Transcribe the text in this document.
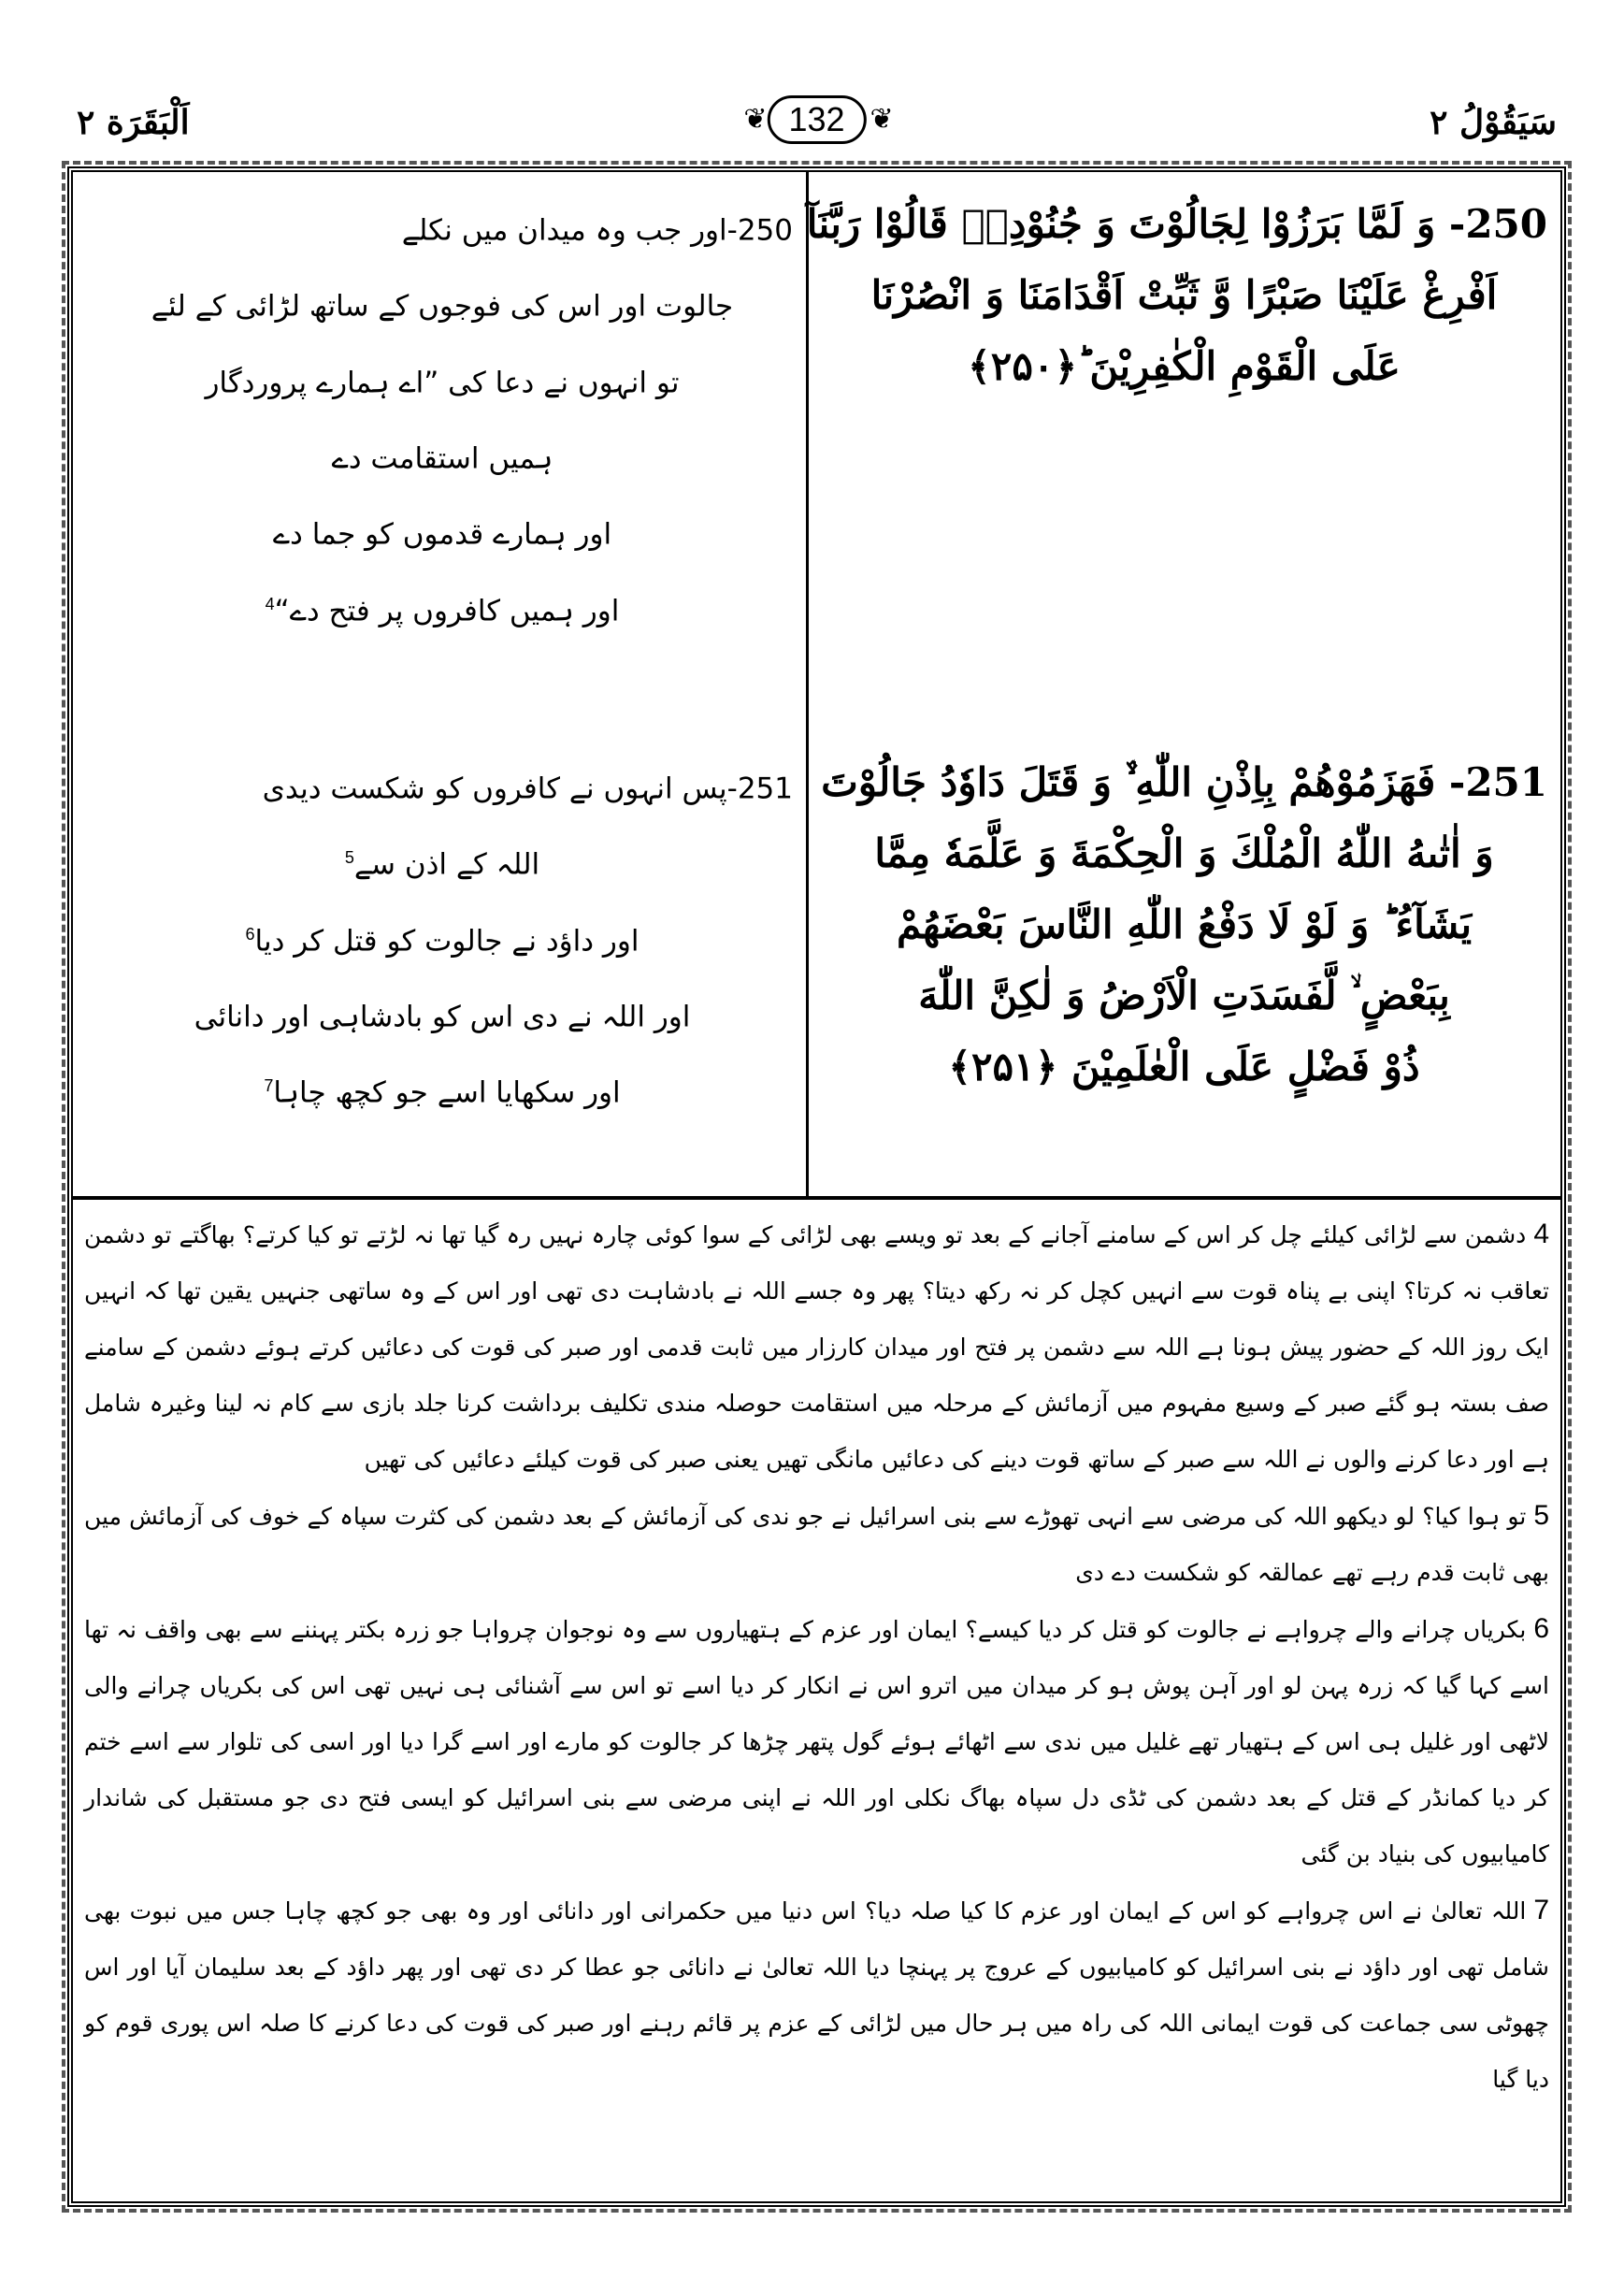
اَلْبَقَرَة ۲	❦ 132 ❦	سَیَقُوْلُ ۲
250- وَ لَمَّا بَرَزُوْا لِجَالُوْتَ وَ جُنُوْدِهٖ قَالُوْا رَبَّنَآ
اَفْرِغْ عَلَیْنَا صَبْرًا وَّ ثَبِّتْ اَقْدَامَنَا وَ انْصُرْنَا
عَلَى الْقَوْمِ الْكٰفِرِیْنَ ؕ﴿۲۵۰﴾
251- فَهَزَمُوْهُمْ بِاِذْنِ اللّٰهِ ۙ۫ وَ قَتَلَ دَاوٗدُ جَالُوْتَ
وَ اٰتٰىهُ اللّٰهُ الْمُلْكَ وَ الْحِكْمَةَ وَ عَلَّمَهٗ مِمَّا
یَشَآءُ ؕ وَ لَوْ لَا دَفْعُ اللّٰهِ النَّاسَ بَعْضَهُمْ
بِبَعْضٍ ۙ لَّفَسَدَتِ الْاَرْضُ وَ لٰكِنَّ اللّٰهَ
ذُوْ فَضْلٍ عَلَى الْعٰلَمِیْنَ ﴿۲۵۱﴾
250-اور جب وہ میدان میں نکلے
جالوت اور اس کی فوجوں کے ساتھ لڑائی کے لئے
تو انہوں نے دعا کی ”اے ہمارے پروردگار
ہمیں استقامت دے
اور ہمارے قدموں کو جما دے
اور ہمیں کافروں پر فتح دے“$^4$
251-پس انہوں نے کافروں کو شکست دیدی
اللہ کے اذن سے$^5$
اور داؤد نے جالوت کو قتل کر دیا$^6$
اور اللہ نے دی اس کو بادشاہی اور دانائی
اور سکھایا اسے جو کچھ چاہا$^7$

4دشمن سے لڑائی کیلئے چل کر اس کے سامنے آجانے کے بعد تو ویسے بھی لڑائی کے سوا کوئی چارہ نہیں رہ گیا تھا نہ لڑتے تو کیا کرتے؟ بھاگتے تو دشمن تعاقب نہ کرتا؟ اپنی بے پناہ قوت سے انہیں کچل کر نہ رکھ دیتا؟ پھر وہ جسے اللہ نے بادشاہت دی تھی اور اس کے وہ ساتھی جنہیں یقین تھا کہ انہیں ایک روز اللہ کے حضور پیش ہونا ہے اللہ سے دشمن پر فتح اور میدان کارزار میں ثابت قدمی اور صبر کی قوت کی دعائیں کرتے ہوئے دشمن کے سامنے صف بستہ ہو گئے صبر کے وسیع مفہوم میں آزمائش کے مرحلہ میں استقامت حوصلہ مندی تکلیف برداشت کرنا جلد بازی سے کام نہ لینا وغیرہ شامل ہے اور دعا کرنے والوں نے اللہ سے صبر کے ساتھ قوت دینے کی دعائیں مانگی تھیں یعنی صبر کی قوت کیلئے دعائیں کی تھیں

5تو ہوا کیا؟ لو دیکھو اللہ کی مرضی سے انہی تھوڑے سے بنی اسرائیل نے جو ندی کی آزمائش کے بعد دشمن کی کثرت سپاہ کے خوف کی آزمائش میں بھی ثابت قدم رہے تھے عمالقہ کو شکست دے دی

6بکریاں چرانے والے چرواہے نے جالوت کو قتل کر دیا کیسے؟ ایمان اور عزم کے ہتھیاروں سے وہ نوجوان چرواہا جو زرہ بکتر پہننے سے بھی واقف نہ تھا اسے کہا گیا کہ زرہ پہن لو اور آہن پوش ہو کر میدان میں اترو اس نے انکار کر دیا اسے تو اس سے آشنائی ہی نہیں تھی اس کی بکریاں چرانے والی لاٹھی اور غلیل ہی اس کے ہتھیار تھے غلیل میں ندی سے اٹھائے ہوئے گول پتھر چڑھا کر جالوت کو مارے اور اسے گرا دیا اور اسی کی تلوار سے اسے ختم کر دیا کمانڈر کے قتل کے بعد دشمن کی ٹڈی دل سپاہ بھاگ نکلی اور اللہ نے اپنی مرضی سے بنی اسرائیل کو ایسی فتح دی جو مستقبل کی شاندار کامیابیوں کی بنیاد بن گئی

7اللہ تعالیٰ نے اس چرواہے کو اس کے ایمان اور عزم کا کیا صلہ دیا؟ اس دنیا میں حکمرانی اور دانائی اور وہ بھی جو کچھ چاہا جس میں نبوت بھی شامل تھی اور داؤد نے بنی اسرائیل کو کامیابیوں کے عروج پر پہنچا دیا اللہ تعالیٰ نے دانائی جو عطا کر دی تھی اور پھر داؤد کے بعد سلیمان آیا اور اس چھوٹی سی جماعت کی قوت ایمانی اللہ کی راہ میں ہر حال میں لڑائی کے عزم پر قائم رہنے اور صبر کی قوت کی دعا کرنے کا صلہ اس پوری قوم کو دیا گیا
